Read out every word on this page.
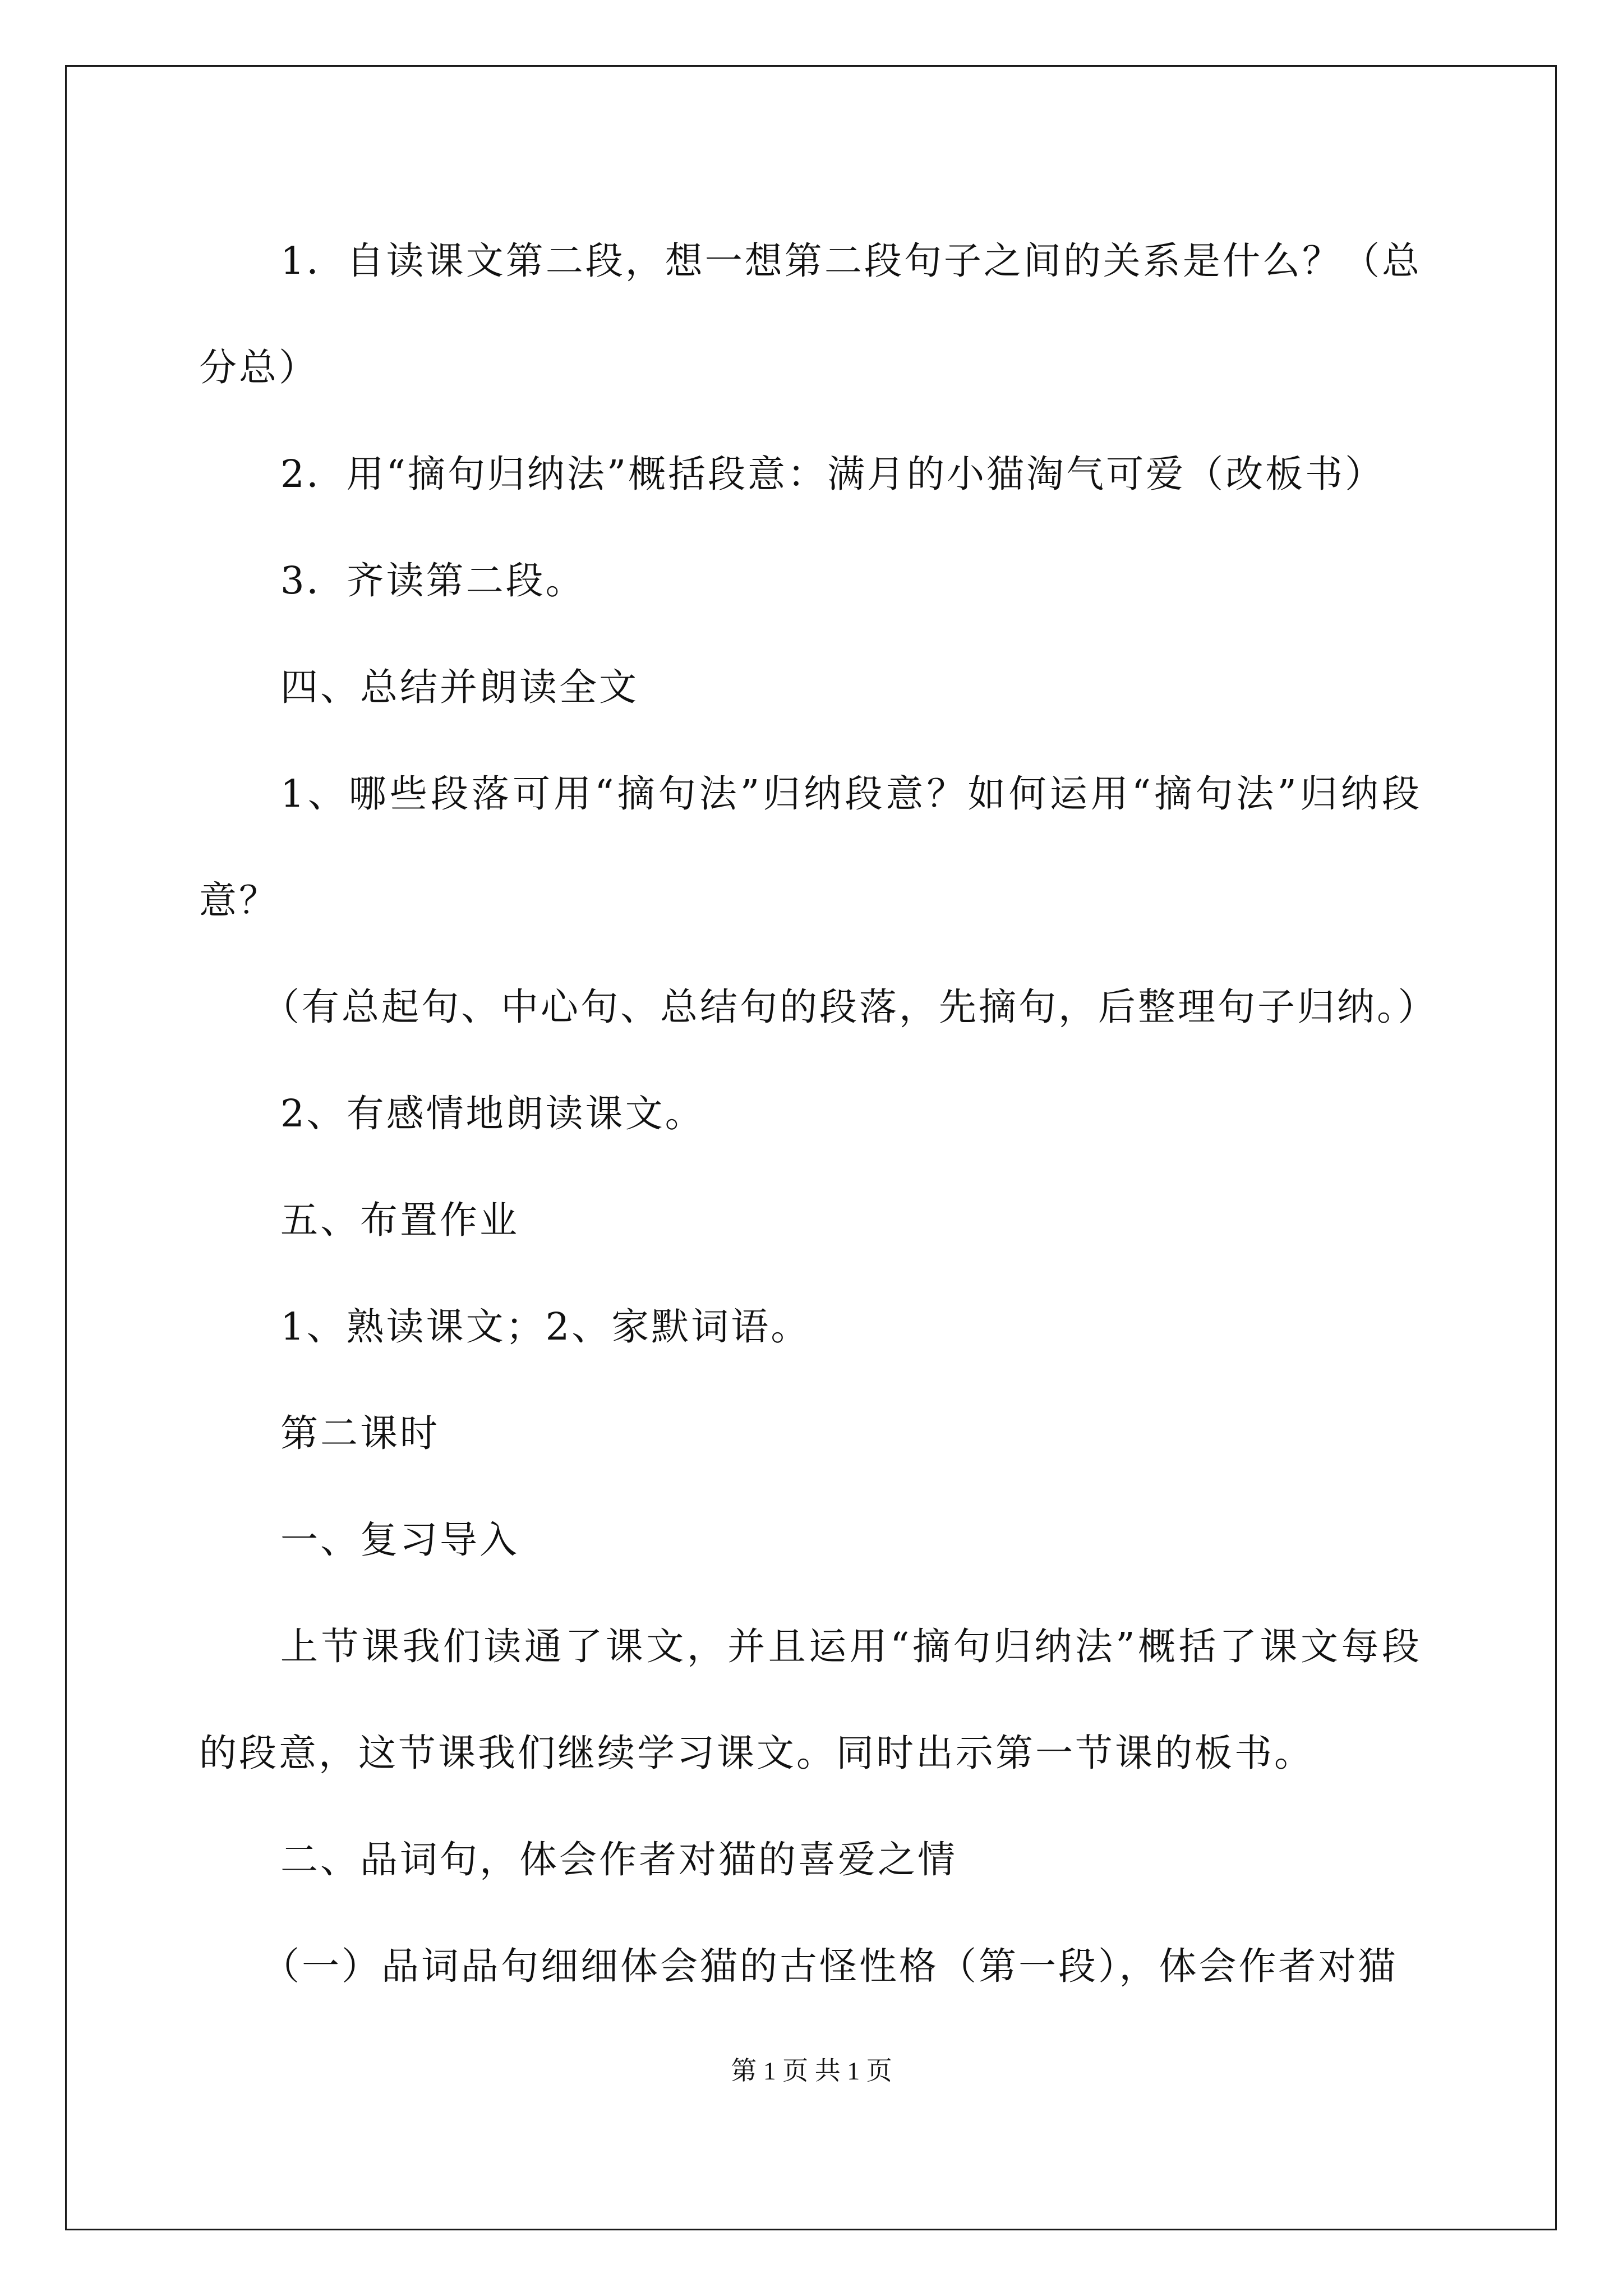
1．自读课文第二段，想一想第二段句子之间的关系是什么？（总分总）

2．用“摘句归纳法”概括段意：满月的小猫淘气可爱（改板书）

3．齐读第二段。

四、总结并朗读全文

1、哪些段落可用“摘句法”归纳段意？如何运用“摘句法”归纳段意？

（有总起句、中心句、总结句的段落，先摘句，后整理句子归纳。）

2、有感情地朗读课文。

五、布置作业

1、熟读课文；2、家默词语。

第二课时

一、复习导入

上节课我们读通了课文，并且运用“摘句归纳法”概括了课文每段的段意，这节课我们继续学习课文。同时出示第一节课的板书。

二、品词句，体会作者对猫的喜爱之情

（一）品词品句细细体会猫的古怪性格（第一段），体会作者对猫

第 1 页 共 1 页
